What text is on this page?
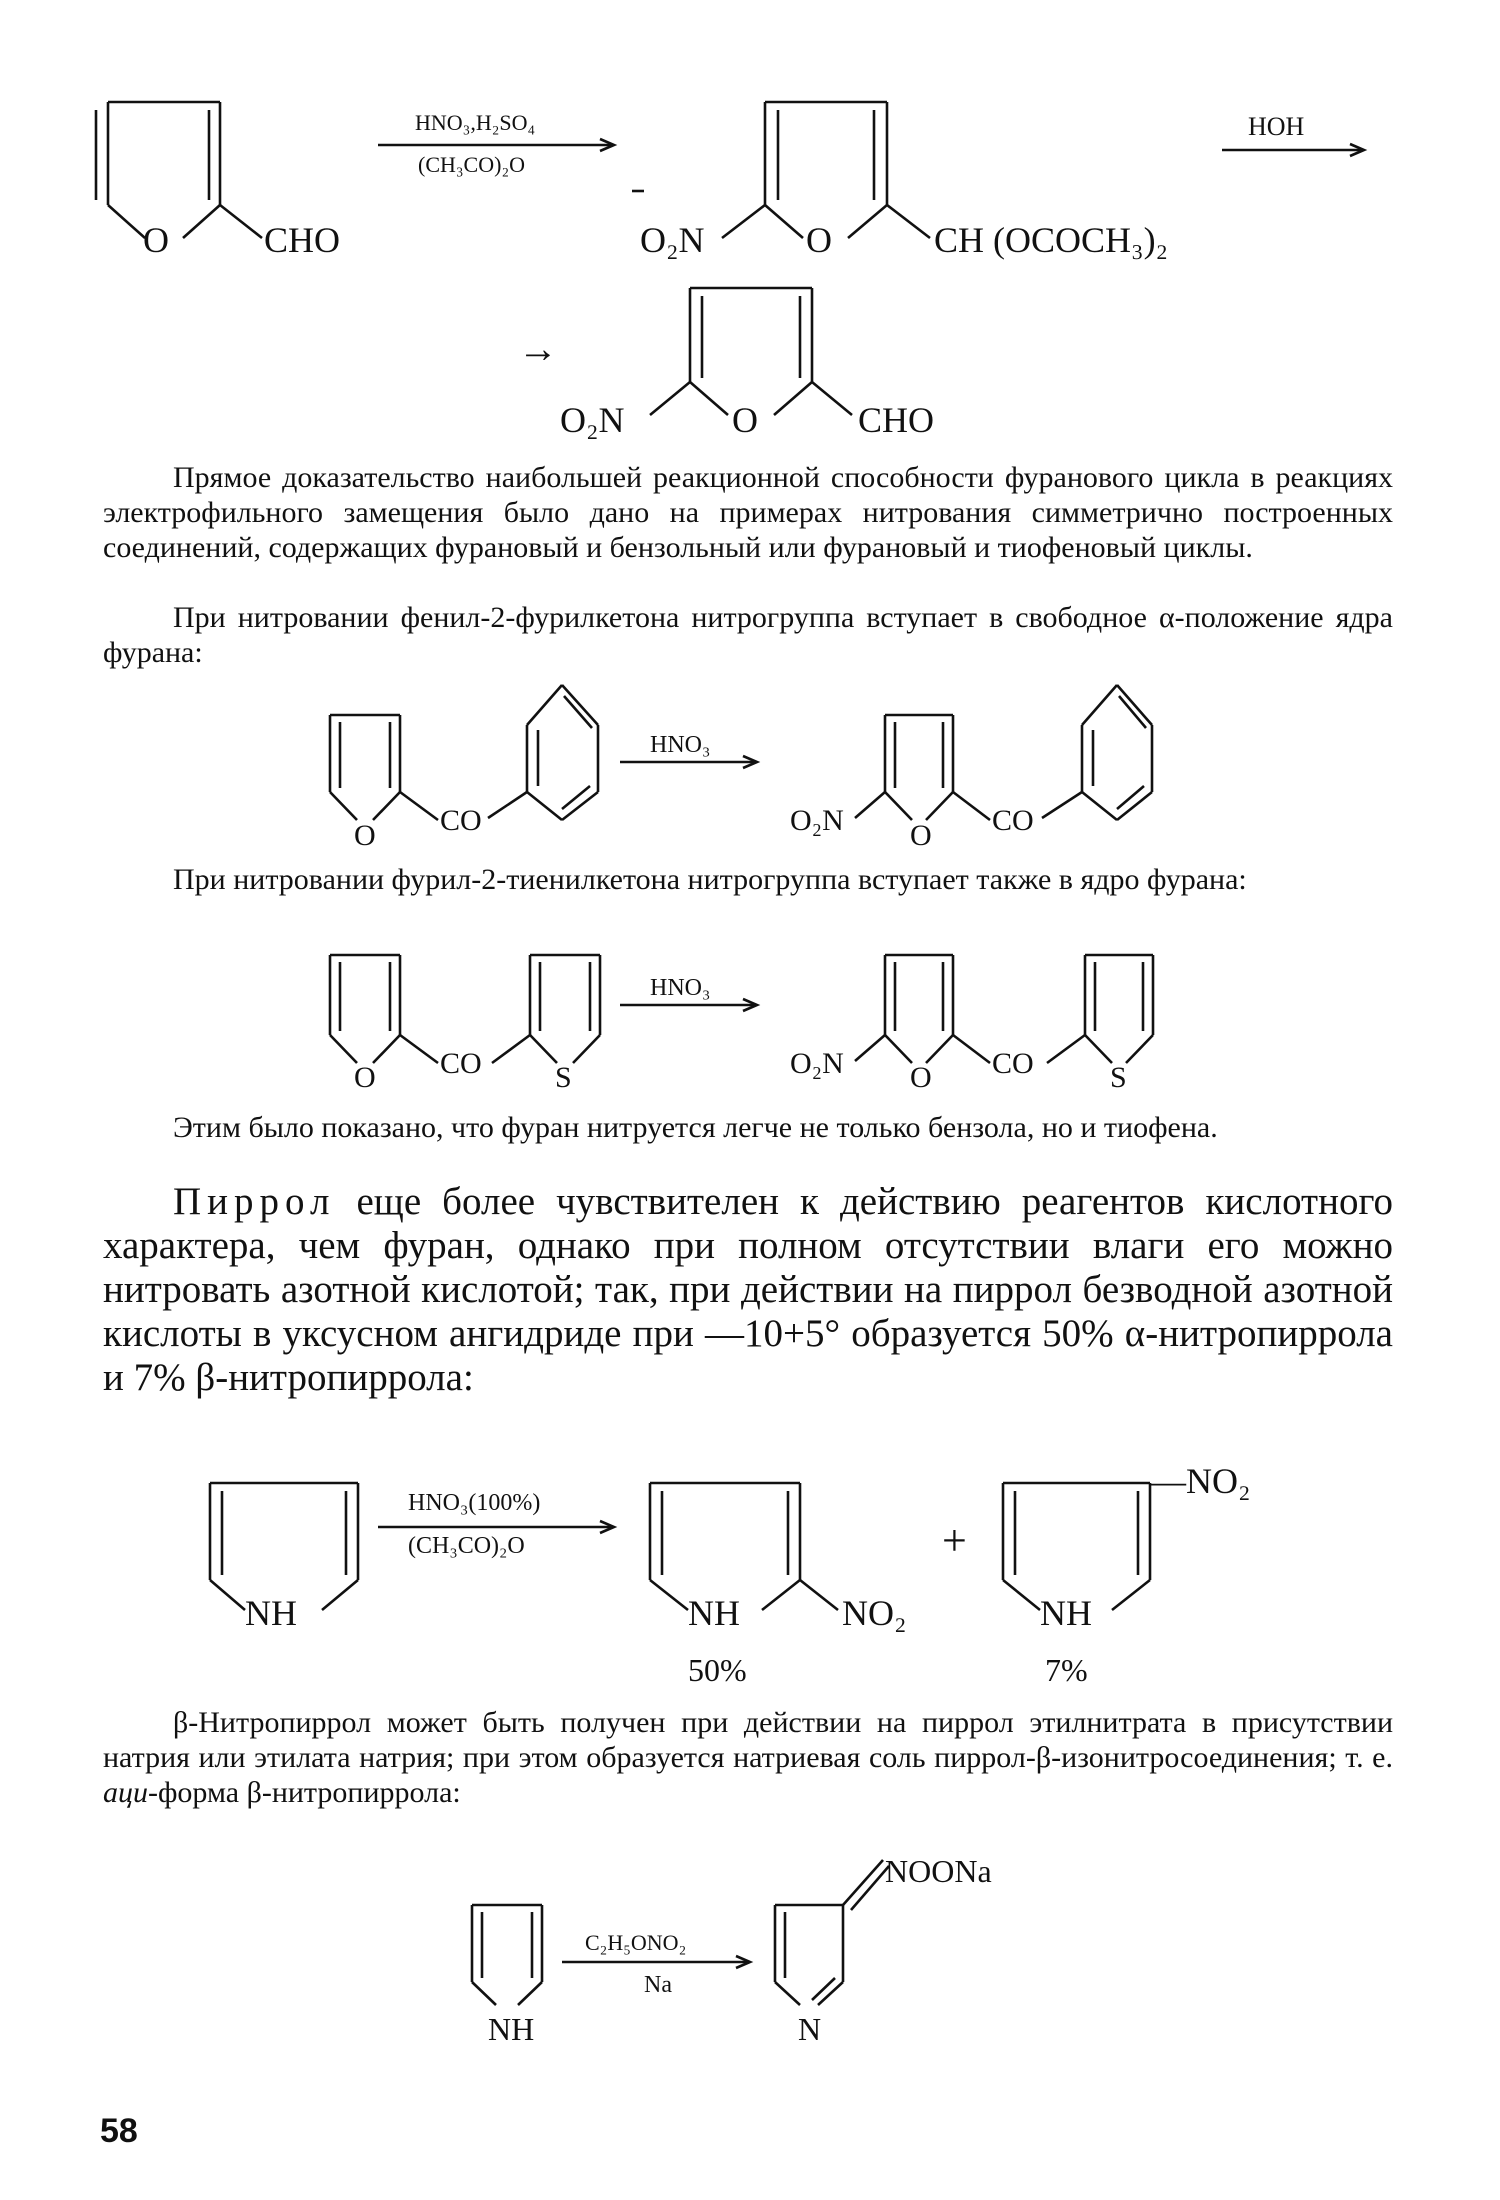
O	CHO
HNO₃,H₂SO₄
(CH₃CO)₂O
O₂N	O	CH (OCOCH₃)₂
HOH
→
O₂N	O	CHO

Прямое доказательство наибольшей реакционной способности фуранового цикла в реакциях электрофильного замещения было дано на примерах нитрования симметрично построенных соединений, содержащих фурановый и бензольный или фурановый и тиофеновый циклы.

При нитровании фенил-2-фурилкетона нитрогруппа вступает в свободное α-положение ядра фурана:

O CO
HNO₃
O₂N O CO

При нитровании фурил-2-тиенилкетона нитрогруппа вступает также в ядро фурана:

O CO S
HNO₃
O₂N O CO	S

Этим было показано, что фуран нитруется легче не только бензола, но и тиофена.

Пиррол еще более чувствителен к действию реагентов кислотного характера, чем фуран, однако при полном отсутствии влаги его можно нитровать азотной кислотой; так, при действии на пиррол безводной азотной кислоты в уксусном ангидриде при —10+5° образуется 50% α-нитропиррола и 7% β-нитропиррола:

NH
HNO₃(100%)
(CH₃CO)₂O
NH	NO₂
+
—NO₂
NH
50%	7%

β-Нитропиррол может быть получен при действии на пиррол этилнитрата в присутствии натрия или этилата натрия; при этом образуется натриевая соль пиррол-β-изонитросоединения; т. е. аци-форма β-нитропиррола:

NH
C₂H₅ONO₂
Na
NOONa
N
58
